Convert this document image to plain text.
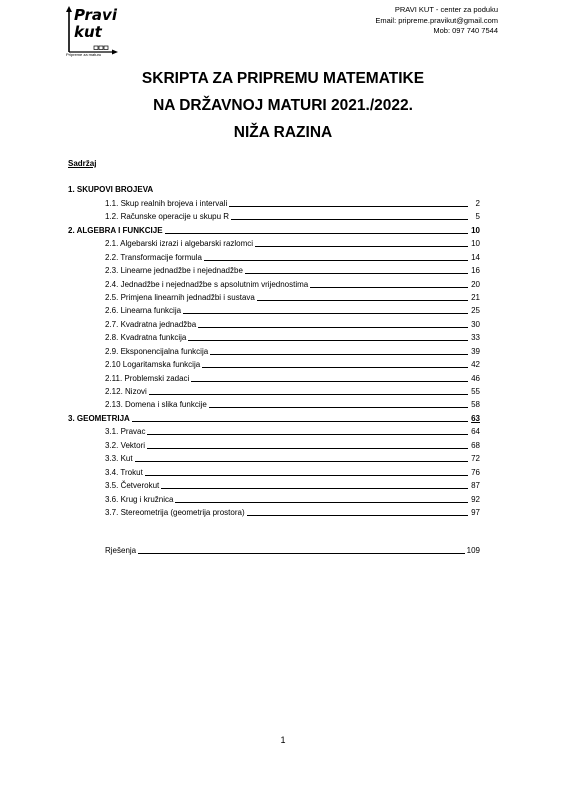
Pravi
kut
Pripreme za maturu
PRAVI KUT - center za poduku
Email: pripreme.pravikut@gmail.com
Mob: 097 740 7544
SKRIPTA ZA PRIPREMU MATEMATIKE
NA DRŽAVNOJ MATURI 2021./2022.
NIŽA RAZINA
Sadržaj
1. SKUPOVI BROJEVA
1.1. Skup realnih brojeva i intervali	2
1.2. Računske operacije u skupu R	5
2. ALGEBRA I FUNKCIJE	10
2.1. Algebarski izrazi i algebarski razlomci	10
2.2. Transformacije formula	14
2.3. Linearne jednadžbe i nejednadžbe	16
2.4. Jednadžbe i nejednadžbe s apsolutnim vrijednostima	20
2.5. Primjena linearnih jednadžbi i sustava	21
2.6. Linearna funkcija	25
2.7. Kvadratna jednadžba	30
2.8. Kvadratna funkcija	33
2.9. Eksponencijalna funkcija	39
2.10 Logaritamska funkcija	42
2.11. Problemski zadaci	46
2.12. Nizovi	55
2.13. Domena i slika funkcije	58
3. GEOMETRIJA	63
3.1. Pravac	64
3.2. Vektori	68
3.3. Kut	72
3.4. Trokut	76
3.5. Četverokut	87
3.6. Krug i kružnica	92
3.7. Stereometrija (geometrija prostora)	97
Rješenja	109
1
